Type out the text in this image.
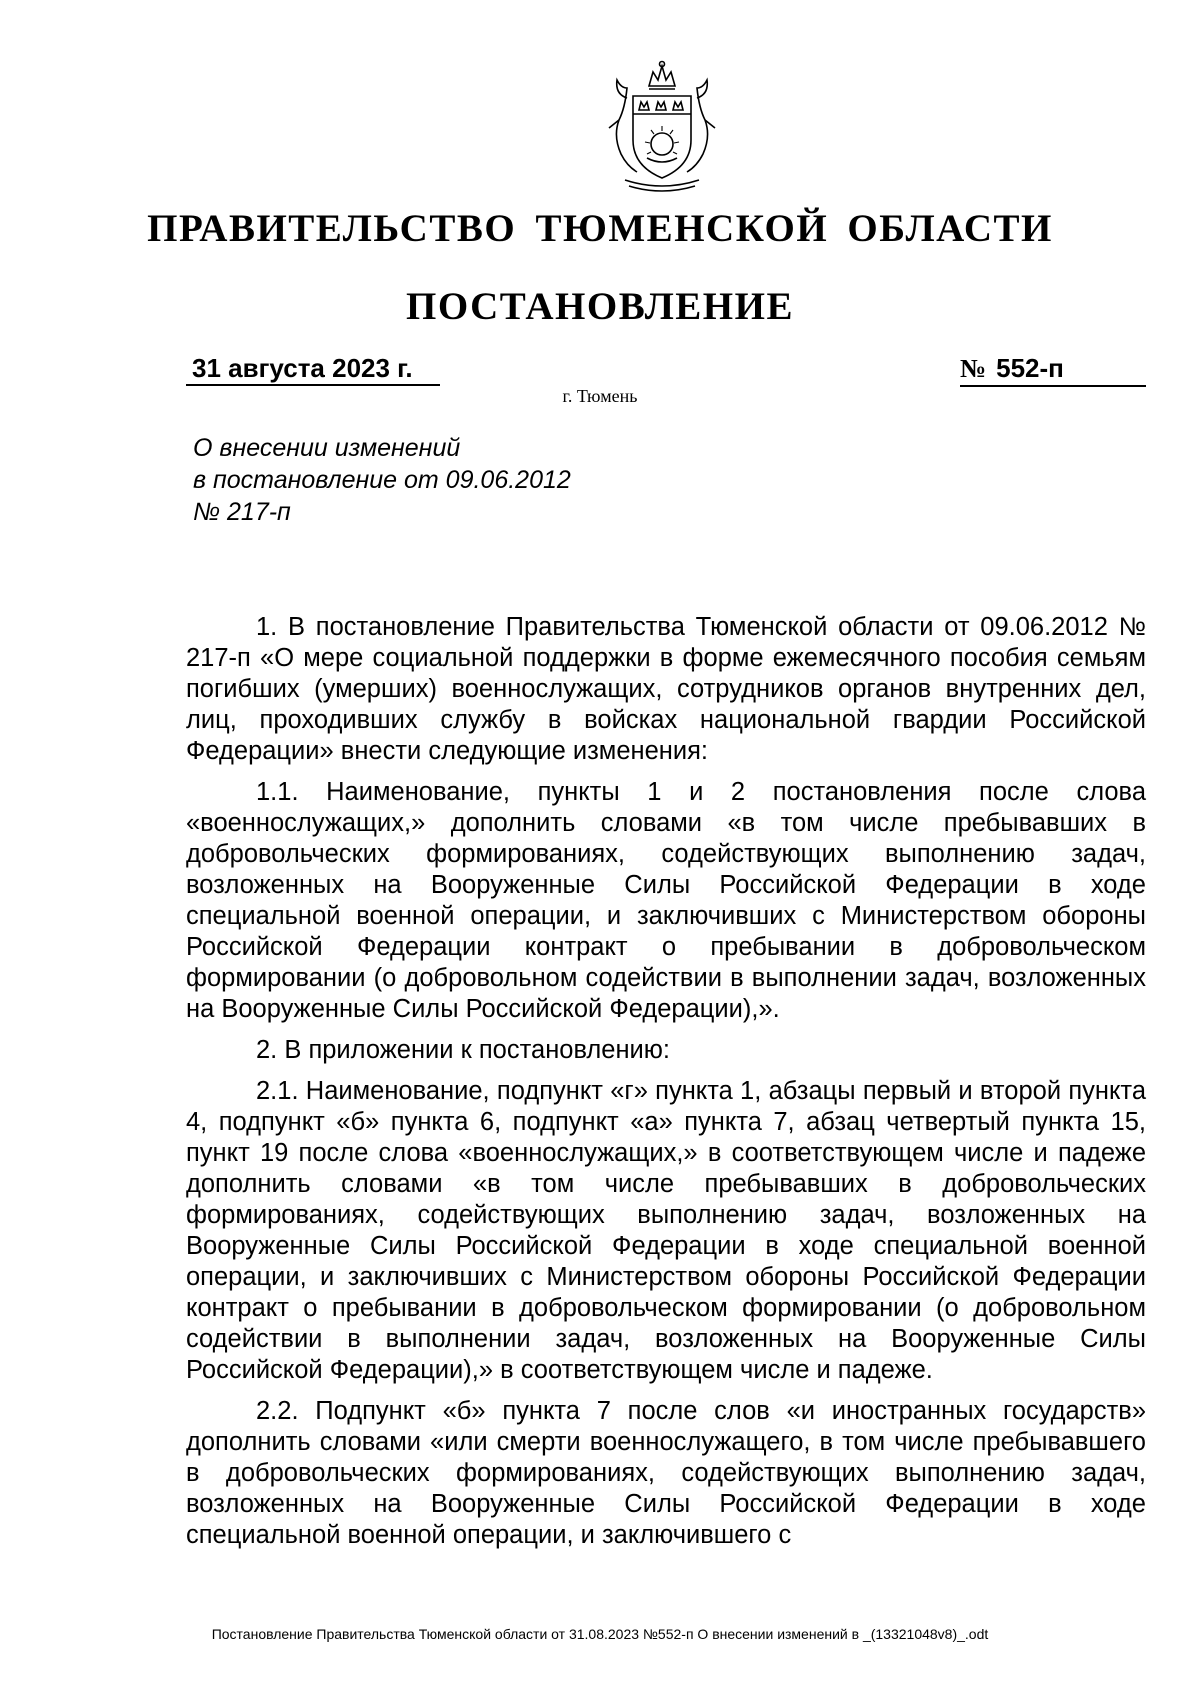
ПРАВИТЕЛЬСТВО ТЮМЕНСКОЙ ОБЛАСТИ
ПОСТАНОВЛЕНИЕ
31 августа 2023 г.	№ 552-п
г. Тюмень
О внесении изменений
в постановление от 09.06.2012
№ 217-п

1. В постановление Правительства Тюменской области от 09.06.2012 № 217-п «О мере социальной поддержки в форме ежемесячного пособия семьям погибших (умерших) военнослужащих, сотрудников органов внутренних дел, лиц, проходивших службу в войсках национальной гвардии Российской Федерации» внести следующие изменения:

1.1. Наименование, пункты 1 и 2 постановления после слова «военнослужащих,» дополнить словами «в том числе пребывавших в добровольческих формированиях, содействующих выполнению задач, возложенных на Вооруженные Силы Российской Федерации в ходе специальной военной операции, и заключивших с Министерством обороны Российской Федерации контракт о пребывании в добровольческом формировании (о добровольном содействии в выполнении задач, возложенных на Вооруженные Силы Российской Федерации),».

2. В приложении к постановлению:

2.1. Наименование, подпункт «г» пункта 1, абзацы первый и второй пункта 4, подпункт «б» пункта 6, подпункт «а» пункта 7, абзац четвертый пункта 15, пункт 19 после слова «военнослужащих,» в соответствующем числе и падеже дополнить словами «в том числе пребывавших в добровольческих формированиях, содействующих выполнению задач, возложенных на Вооруженные Силы Российской Федерации в ходе специальной военной операции, и заключивших с Министерством обороны Российской Федерации контракт о пребывании в добровольческом формировании (о добровольном содействии в выполнении задач, возложенных на Вооруженные Силы Российской Федерации),» в соответствующем числе и падеже.

2.2. Подпункт «б» пункта 7 после слов «и иностранных государств» дополнить словами «или смерти военнослужащего, в том числе пребывавшего в добровольческих формированиях, содействующих выполнению задач, возложенных на Вооруженные Силы Российской Федерации в ходе специальной военной операции, и заключившего с

Постановление Правительства Тюменской области от 31.08.2023 №552-п О внесении изменений в _(13321048v8)_.odt
